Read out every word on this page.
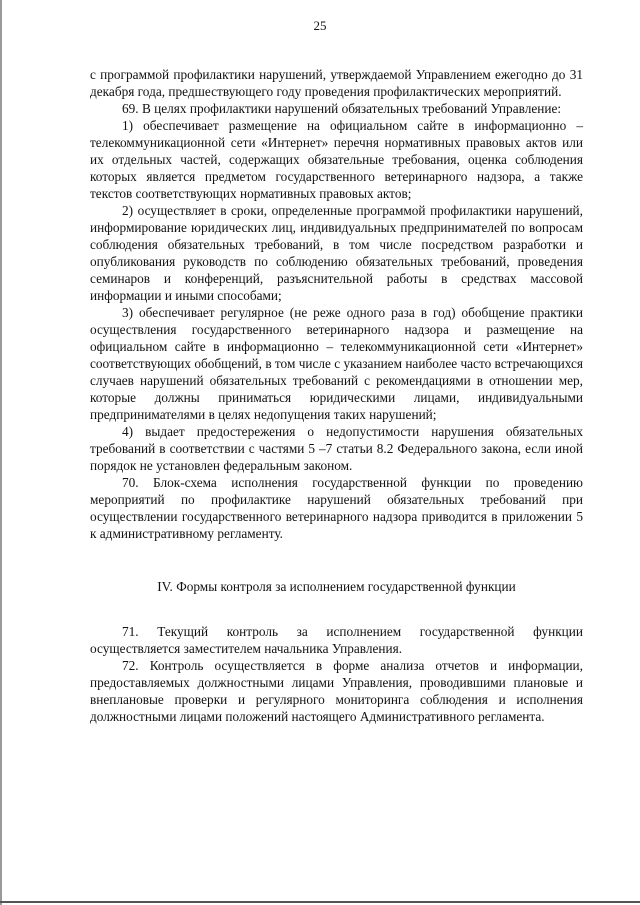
25

с программой профилактики нарушений, утверждаемой Управлением ежегодно до 31 декабря года, предшествующего году проведения профилактических мероприятий.

69. В целях профилактики нарушений обязательных требований Управление:

1) обеспечивает размещение на официальном сайте в информационно – телекоммуникационной сети «Интернет» перечня нормативных правовых актов или их отдельных частей, содержащих обязательные требования, оценка соблюдения которых является предметом государственного ветеринарного надзора, а также текстов соответствующих нормативных правовых актов;

2) осуществляет в сроки, определенные программой профилактики нарушений, информирование юридических лиц, индивидуальных предпринимателей по вопросам соблюдения обязательных требований, в том числе посредством разработки и опубликования руководств по соблюдению обязательных требований, проведения семинаров и конференций, разъяснительной работы в средствах массовой информации и иными способами;

3) обеспечивает регулярное (не реже одного раза в год) обобщение практики осуществления государственного ветеринарного надзора и размещение на официальном сайте в информационно – телекоммуникационной сети «Интернет» соответствующих обобщений, в том числе с указанием наиболее часто встречающихся случаев нарушений обязательных требований с рекомендациями в отношении мер, которые должны приниматься юридическими лицами, индивидуальными предпринимателями в целях недопущения таких нарушений;

4) выдает предостережения о недопустимости нарушения обязательных требований в соответствии с частями 5 –7 статьи 8.2 Федерального закона, если иной порядок не установлен федеральным законом.

70. Блок-схема исполнения государственной функции по проведению мероприятий по профилактике нарушений обязательных требований при осуществлении государственного ветеринарного надзора приводится в приложении 5 к административному регламенту.

IV. Формы контроля за исполнением государственной функции

71. Текущий контроль за исполнением государственной функции осуществляется заместителем начальника Управления.

72. Контроль осуществляется в форме анализа отчетов и информации, предоставляемых должностными лицами Управления, проводившими плановые и внеплановые проверки и регулярного мониторинга соблюдения и исполнения должностными лицами положений настоящего Административного регламента.
